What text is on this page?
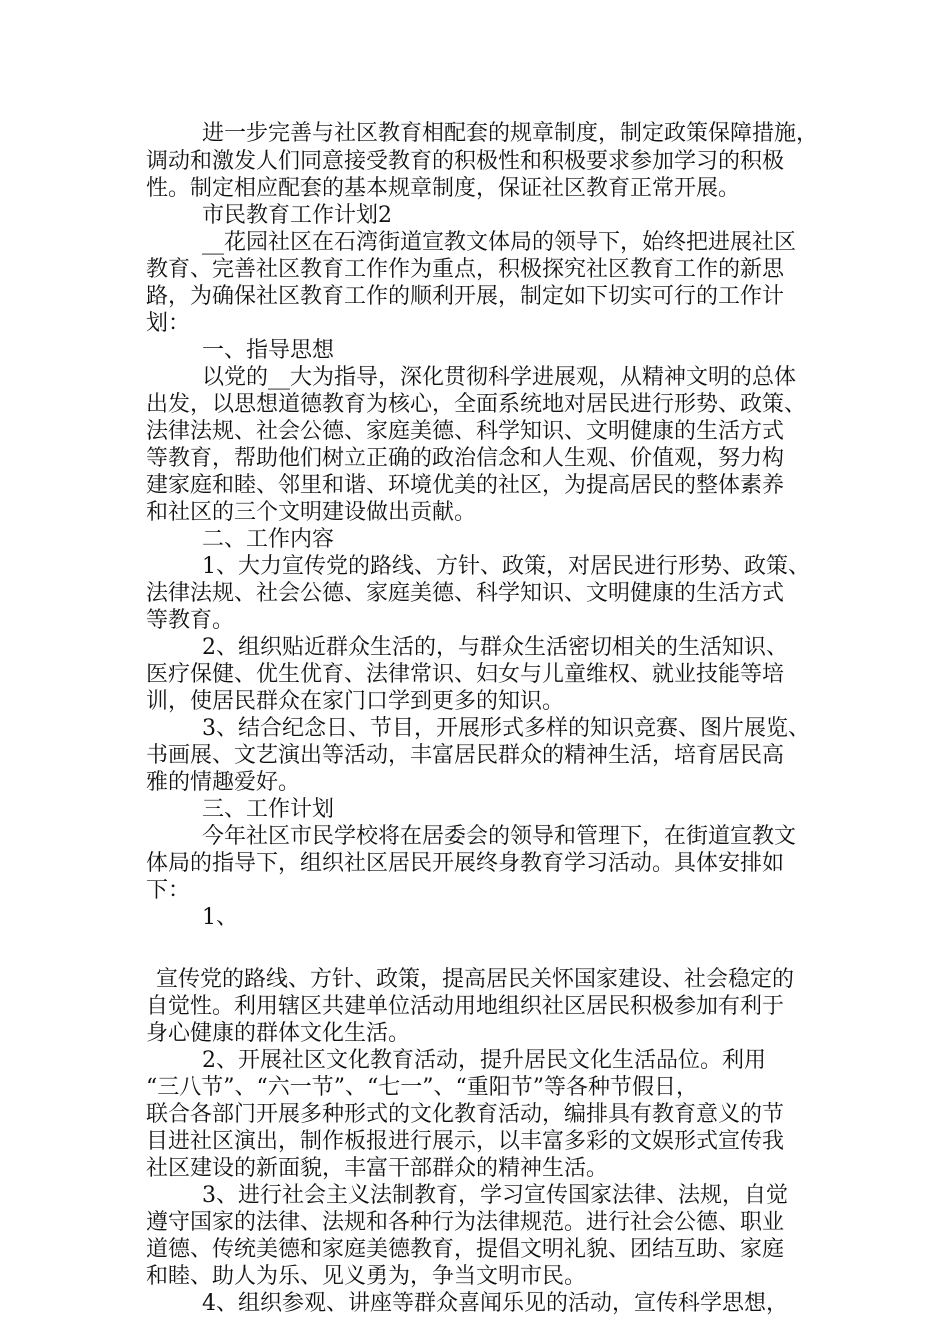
进一步完善与社区教育相配套的规章制度，制定政策保障措施，
调动和激发人们同意接受教育的积极性和积极要求参加学习的积极
性。制定相应配套的基本规章制度，保证社区教育正常开展。
市民教育工作计划2
__花园社区在石湾街道宣教文体局的领导下，始终把进展社区
教育、完善社区教育工作作为重点，积极探究社区教育工作的新思
路，为确保社区教育工作的顺利开展，制定如下切实可行的工作计
划：
一、指导思想
以党的__大为指导，深化贯彻科学进展观，从精神文明的总体
出发，以思想道德教育为核心，全面系统地对居民进行形势、政策、
法律法规、社会公德、家庭美德、科学知识、文明健康的生活方式
等教育，帮助他们树立正确的政治信念和人生观、价值观，努力构
建家庭和睦、邻里和谐、环境优美的社区，为提高居民的整体素养
和社区的三个文明建设做出贡献。
二、工作内容
1、大力宣传党的路线、方针、政策，对居民进行形势、政策、
法律法规、社会公德、家庭美德、科学知识、文明健康的生活方式
等教育。
2、组织贴近群众生活的，与群众生活密切相关的生活知识、
医疗保健、优生优育、法律常识、妇女与儿童维权、就业技能等培
训，使居民群众在家门口学到更多的知识。
3、结合纪念日、节目，开展形式多样的知识竞赛、图片展览、
书画展、文艺演出等活动，丰富居民群众的精神生活，培育居民高
雅的情趣爱好。
三、工作计划
今年社区市民学校将在居委会的领导和管理下，在街道宣教文
体局的指导下，组织社区居民开展终身教育学习活动。具体安排如
下：
1、
宣传党的路线、方针、政策，提高居民关怀国家建设、社会稳定的
自觉性。利用辖区共建单位活动用地组织社区居民积极参加有利于
身心健康的群体文化生活。
2、开展社区文化教育活动，提升居民文化生活品位。利用
“三八节”、“六一节”、“七一”、“重阳节”等各种节假日，
联合各部门开展多种形式的文化教育活动，编排具有教育意义的节
目进社区演出，制作板报进行展示，以丰富多彩的文娱形式宣传我
社区建设的新面貌，丰富干部群众的精神生活。
3、进行社会主义法制教育，学习宣传国家法律、法规，自觉
遵守国家的法律、法规和各种行为法律规范。进行社会公德、职业
道德、传统美德和家庭美德教育，提倡文明礼貌、团结互助、家庭
和睦、助人为乐、见义勇为，争当文明市民。
4、组织参观、讲座等群众喜闻乐见的活动，宣传科学思想，
